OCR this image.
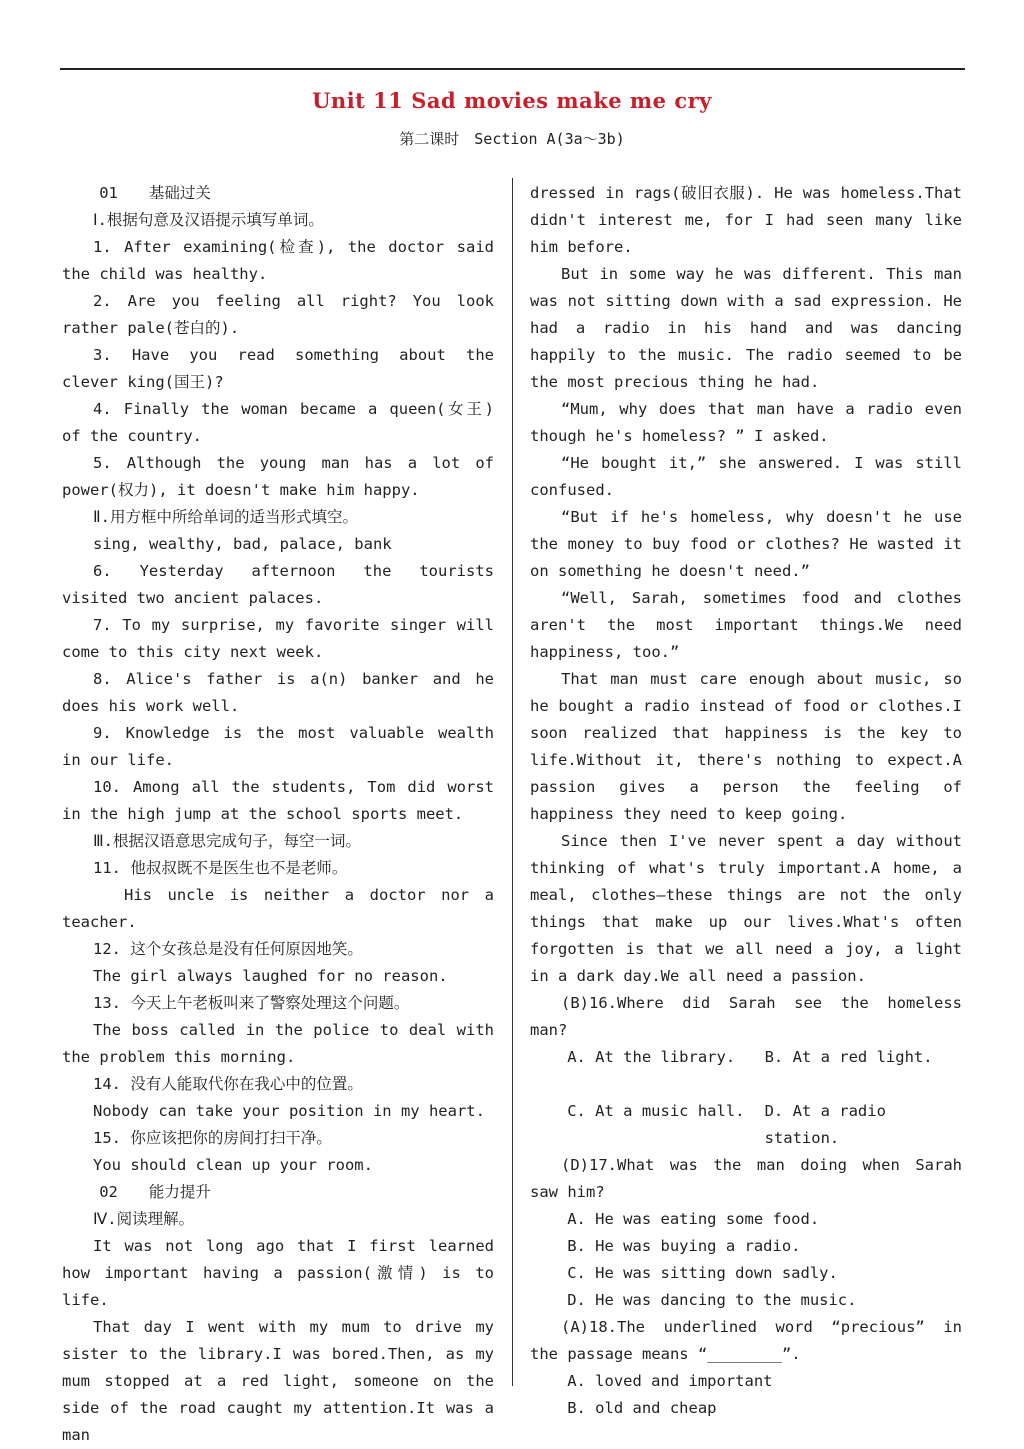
Unit 11 Sad movies make me cry
第二课时　Section A(3a～3b)

01　　基础过关

Ⅰ.根据句意及汉语提示填写单词。

1. After examining(检查), the doctor said the child was healthy.

2. Are you feeling all right? You look rather pale(苍白的).

3. Have you read something about the clever king(国王)?

4. Finally the woman became a queen(女王) of the country.

5. Although the young man has a lot of power(权力), it doesn't make him happy.

Ⅱ.用方框中所给单词的适当形式填空。

sing, wealthy, bad, palace, bank

6. Yesterday afternoon the tourists visited two ancient palaces.

7. To my surprise, my favorite singer will come to this city next week.

8. Alice's father is a(n) banker and he does his work well.

9. Knowledge is the most valuable wealth in our life.

10. Among all the students, Tom did worst in the high jump at the school sports meet.

Ⅲ.根据汉语意思完成句子，每空一词。

11. 他叔叔既不是医生也不是老师。

His uncle is neither a doctor nor a teacher.

12. 这个女孩总是没有任何原因地笑。

The girl always laughed for no reason.

13. 今天上午老板叫来了警察处理这个问题。

The boss called in the police to deal with the problem this morning.

14. 没有人能取代你在我心中的位置。

Nobody can take your position in my heart.

15. 你应该把你的房间打扫干净。

You should clean up your room.

02　　能力提升

Ⅳ.阅读理解。

It was not long ago that I first learned how important having a passion(激情) is to life.

That day I went with my mum to drive my sister to the library.I was bored.Then, as my mum stopped at a red light, someone on the side of the road caught my attention.It was a man

dressed in rags(破旧衣服). He was homeless.That didn't interest me, for I had seen many like him before.

But in some way he was different. This man was not sitting down with a sad expression. He had a radio in his hand and was dancing happily to the music. The radio seemed to be the most precious thing he had.

“Mum, why does that man have a radio even though he's homeless? ” I asked.

“He bought it,” she answered. I was still confused.

“But if he's homeless, why doesn't he use the money to buy food or clothes? He wasted it on something he doesn't need.”

“Well, Sarah, sometimes food and clothes aren't the most important things.We need happiness, too.”

That man must care enough about music, so he bought a radio instead of food or clothes.I soon realized that happiness is the key to life.Without it, there's nothing to expect.A passion gives a person the feeling of happiness they need to keep going.

Since then I've never spent a day without thinking of what's truly important.A home, a meal, clothes—these things are not the only things that make up our lives.What's often forgotten is that we all need a joy, a light in a dark day.We all need a passion.

(B)16.Where did Sarah see the homeless man?

A. At the library.	B. At a red light.
C. At a music hall.	D. At a radio station.

(D)17.What was the man doing when Sarah saw him?

A. He was eating some food.

B. He was buying a radio.

C. He was sitting down sadly.

D. He was dancing to the music.

(A)18.The underlined word “precious” in the passage means “________”.

A. loved and important

B. old and cheap
